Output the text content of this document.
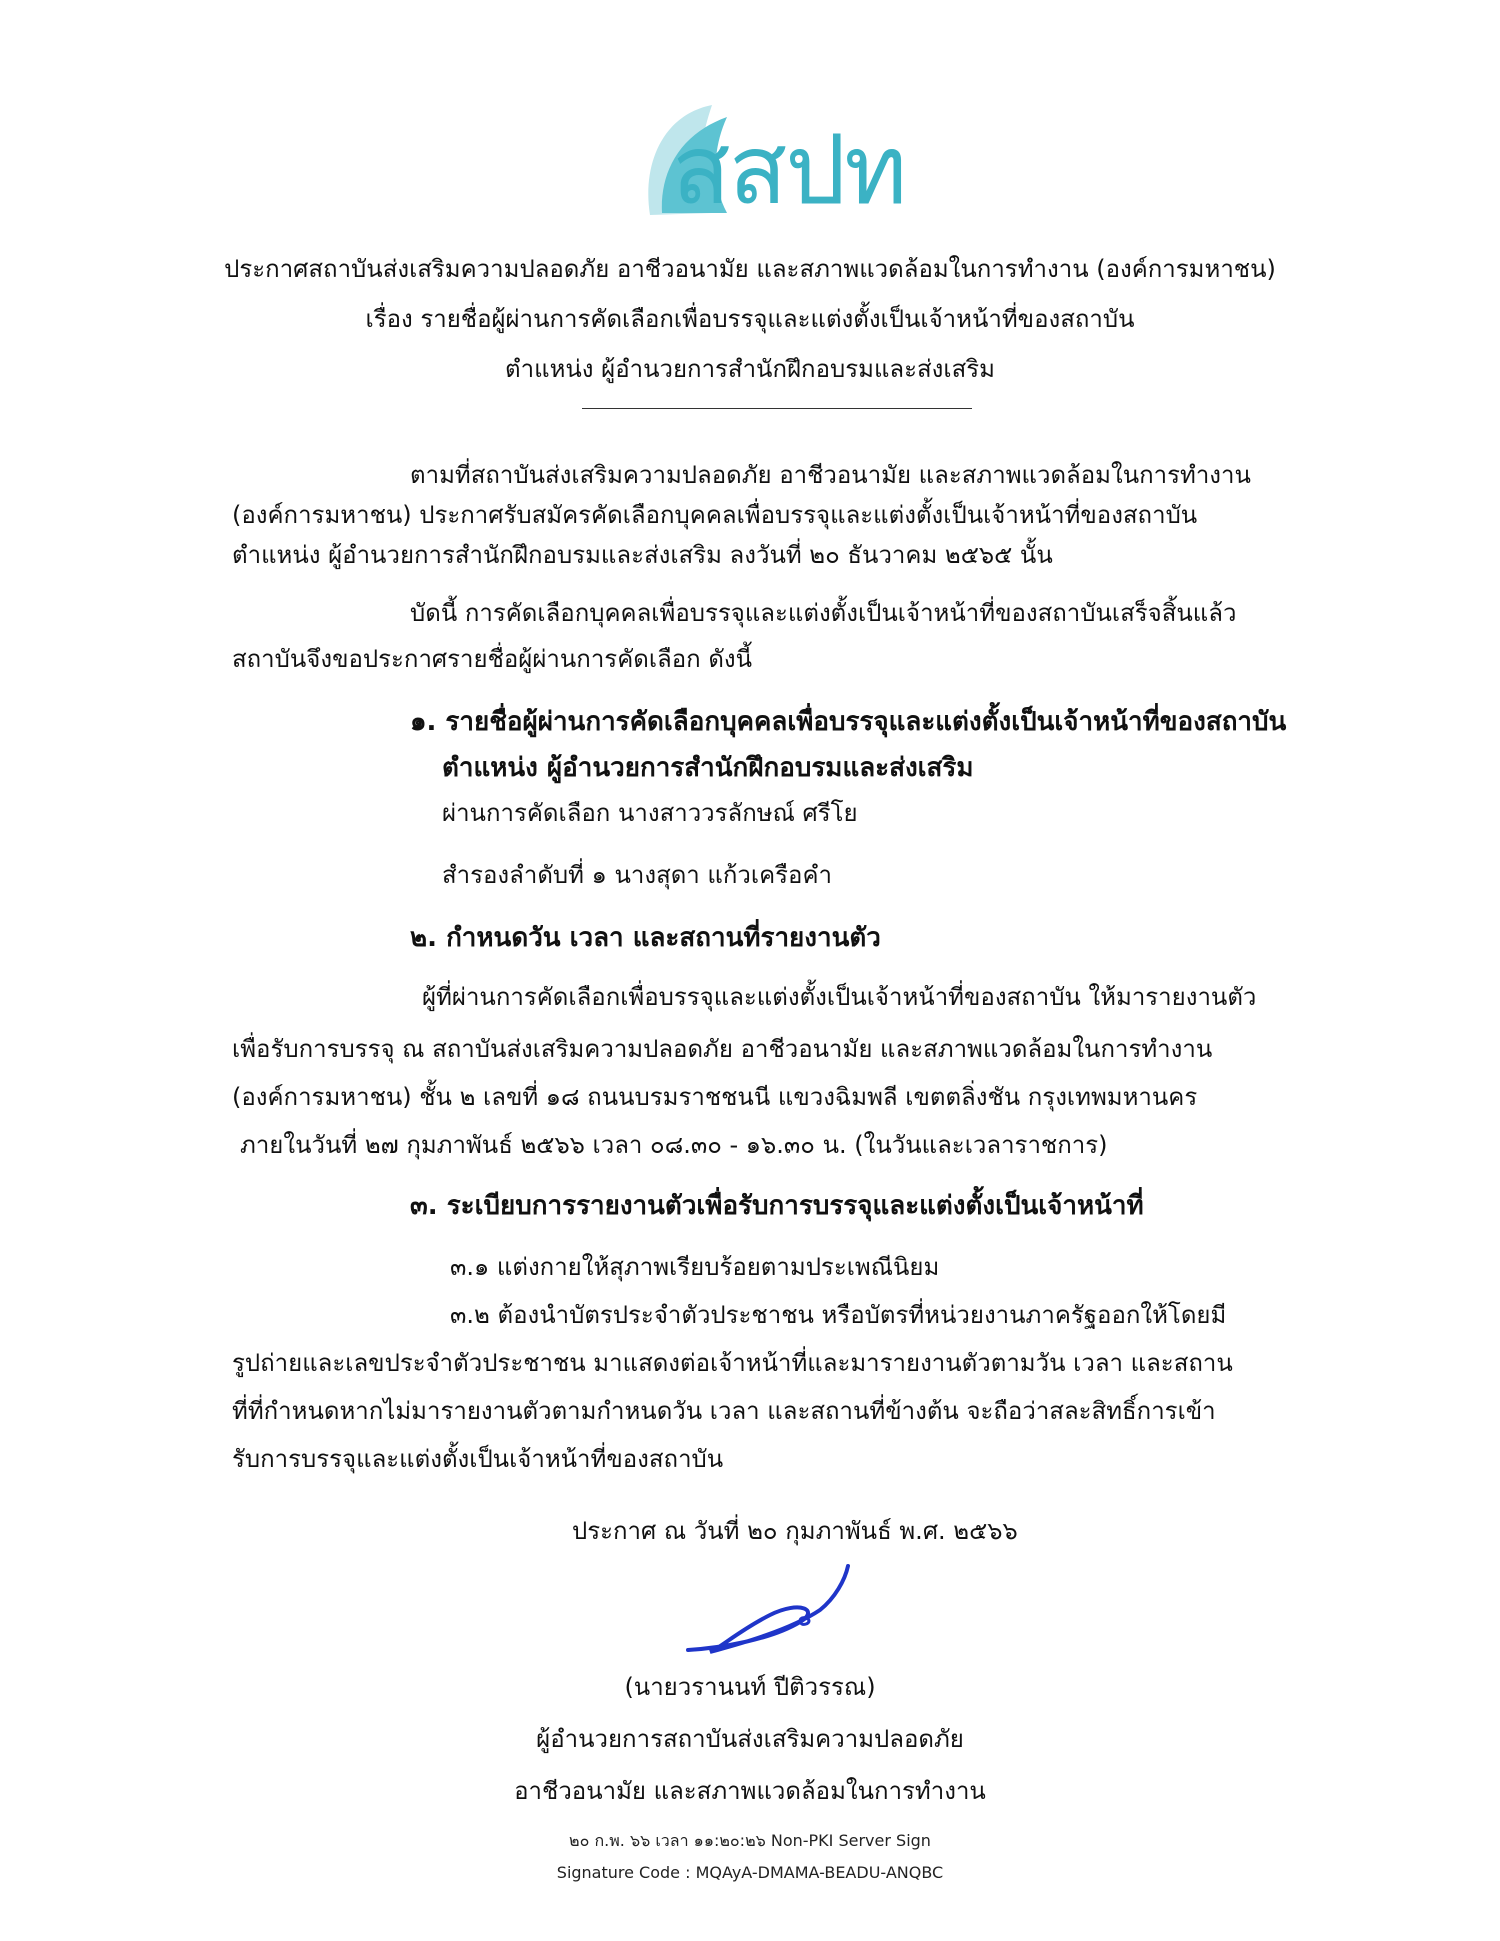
สสปท
ประกาศสถาบันส่งเสริมความปลอดภัย อาชีวอนามัย และสภาพแวดล้อมในการทำงาน (องค์การมหาชน)
เรื่อง รายชื่อผู้ผ่านการคัดเลือกเพื่อบรรจุและแต่งตั้งเป็นเจ้าหน้าที่ของสถาบัน
ตำแหน่ง ผู้อำนวยการสำนักฝึกอบรมและส่งเสริม
ตามที่สถาบันส่งเสริมความปลอดภัย อาชีวอนามัย และสภาพแวดล้อมในการทำงาน
(องค์การมหาชน) ประกาศรับสมัครคัดเลือกบุคคลเพื่อบรรจุและแต่งตั้งเป็นเจ้าหน้าที่ของสถาบัน
ตำแหน่ง ผู้อำนวยการสำนักฝึกอบรมและส่งเสริม ลงวันที่ ๒๐ ธันวาคม ๒๕๖๕ นั้น
บัดนี้ การคัดเลือกบุคคลเพื่อบรรจุและแต่งตั้งเป็นเจ้าหน้าที่ของสถาบันเสร็จสิ้นแล้ว
สถาบันจึงขอประกาศรายชื่อผู้ผ่านการคัดเลือก ดังนี้
๑. รายชื่อผู้ผ่านการคัดเลือกบุคคลเพื่อบรรจุและแต่งตั้งเป็นเจ้าหน้าที่ของสถาบัน
ตำแหน่ง ผู้อำนวยการสำนักฝึกอบรมและส่งเสริม
ผ่านการคัดเลือก นางสาววรลักษณ์ ศรีโย
สำรองลำดับที่ ๑ นางสุดา แก้วเครือคำ
๒. กำหนดวัน เวลา และสถานที่รายงานตัว
ผู้ที่ผ่านการคัดเลือกเพื่อบรรจุและแต่งตั้งเป็นเจ้าหน้าที่ของสถาบัน ให้มารายงานตัว
เพื่อรับการบรรจุ ณ สถาบันส่งเสริมความปลอดภัย อาชีวอนามัย และสภาพแวดล้อมในการทำงาน
(องค์การมหาชน) ชั้น ๒ เลขที่ ๑๘ ถนนบรมราชชนนี แขวงฉิมพลี เขตตลิ่งชัน กรุงเทพมหานคร
ภายในวันที่ ๒๗ กุมภาพันธ์ ๒๕๖๖ เวลา ๐๘.๓๐ - ๑๖.๓๐ น. (ในวันและเวลาราชการ)
๓. ระเบียบการรายงานตัวเพื่อรับการบรรจุและแต่งตั้งเป็นเจ้าหน้าที่
๓.๑ แต่งกายให้สุภาพเรียบร้อยตามประเพณีนิยม
๓.๒ ต้องนำบัตรประจำตัวประชาชน หรือบัตรที่หน่วยงานภาครัฐออกให้โดยมี
รูปถ่ายและเลขประจำตัวประชาชน มาแสดงต่อเจ้าหน้าที่และมารายงานตัวตามวัน เวลา และสถาน
ที่ที่กำหนดหากไม่มารายงานตัวตามกำหนดวัน เวลา และสถานที่ข้างต้น จะถือว่าสละสิทธิ์การเข้า
รับการบรรจุและแต่งตั้งเป็นเจ้าหน้าที่ของสถาบัน
ประกาศ ณ วันที่ ๒๐ กุมภาพันธ์ พ.ศ. ๒๕๖๖
(นายวรานนท์ ปีติวรรณ)
ผู้อำนวยการสถาบันส่งเสริมความปลอดภัย
อาชีวอนามัย และสภาพแวดล้อมในการทำงาน
๒๐ ก.พ. ๖๖ เวลา ๑๑:๒๐:๒๖ Non-PKI Server Sign
Signature Code : MQAyA-DMAMA-BEADU-ANQBC
